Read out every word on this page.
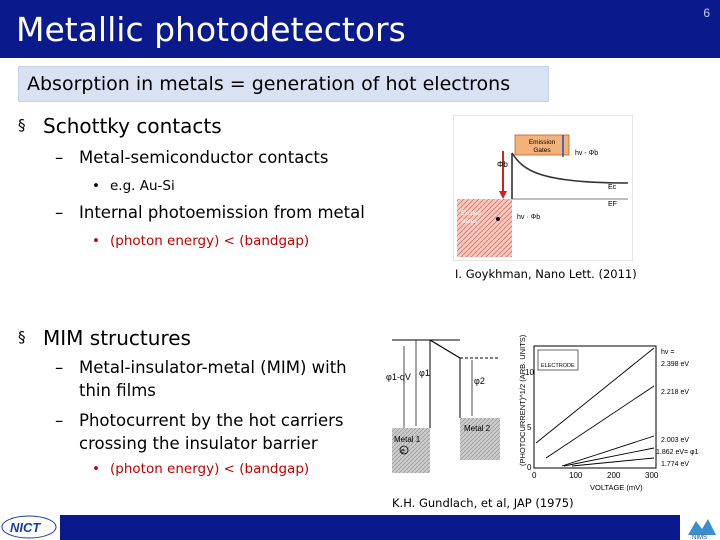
Metallic photodetectors	6
Absorption in metals = generation of hot electrons
§ Schottky contacts
– Metal-semiconductor contacts
• e.g. Au-Si
– Internal photoemission from metal
• (photon energy) < (bandgap)
Emission
Gates
Φb
hv - Φb
Ec
EF
hv · Φb
Excited
states
I. Goykhman, Nano Lett. (2011)
§ MIM structures
– Metal-insulator-metal (MIM) with
thin films
– Photocurrent by the hot carriers
crossing the insulator barrier
• (photon energy) < (bandgap)
φ1-qV φ1
φ2
Metal 1
Metal 2
e	(PHOTOCURRENT)^1/2 (ARB. UNITS)
0	100	200	300
VOLTAGE (mV)
0
5
10
ELECTRODE
hv =
2.398 eV
2.218 eV
2.003 eV
1.862 eV= φ1
1.774 eV
K.H. Gundlach, et al, JAP (1975)
NICT
NIMS
